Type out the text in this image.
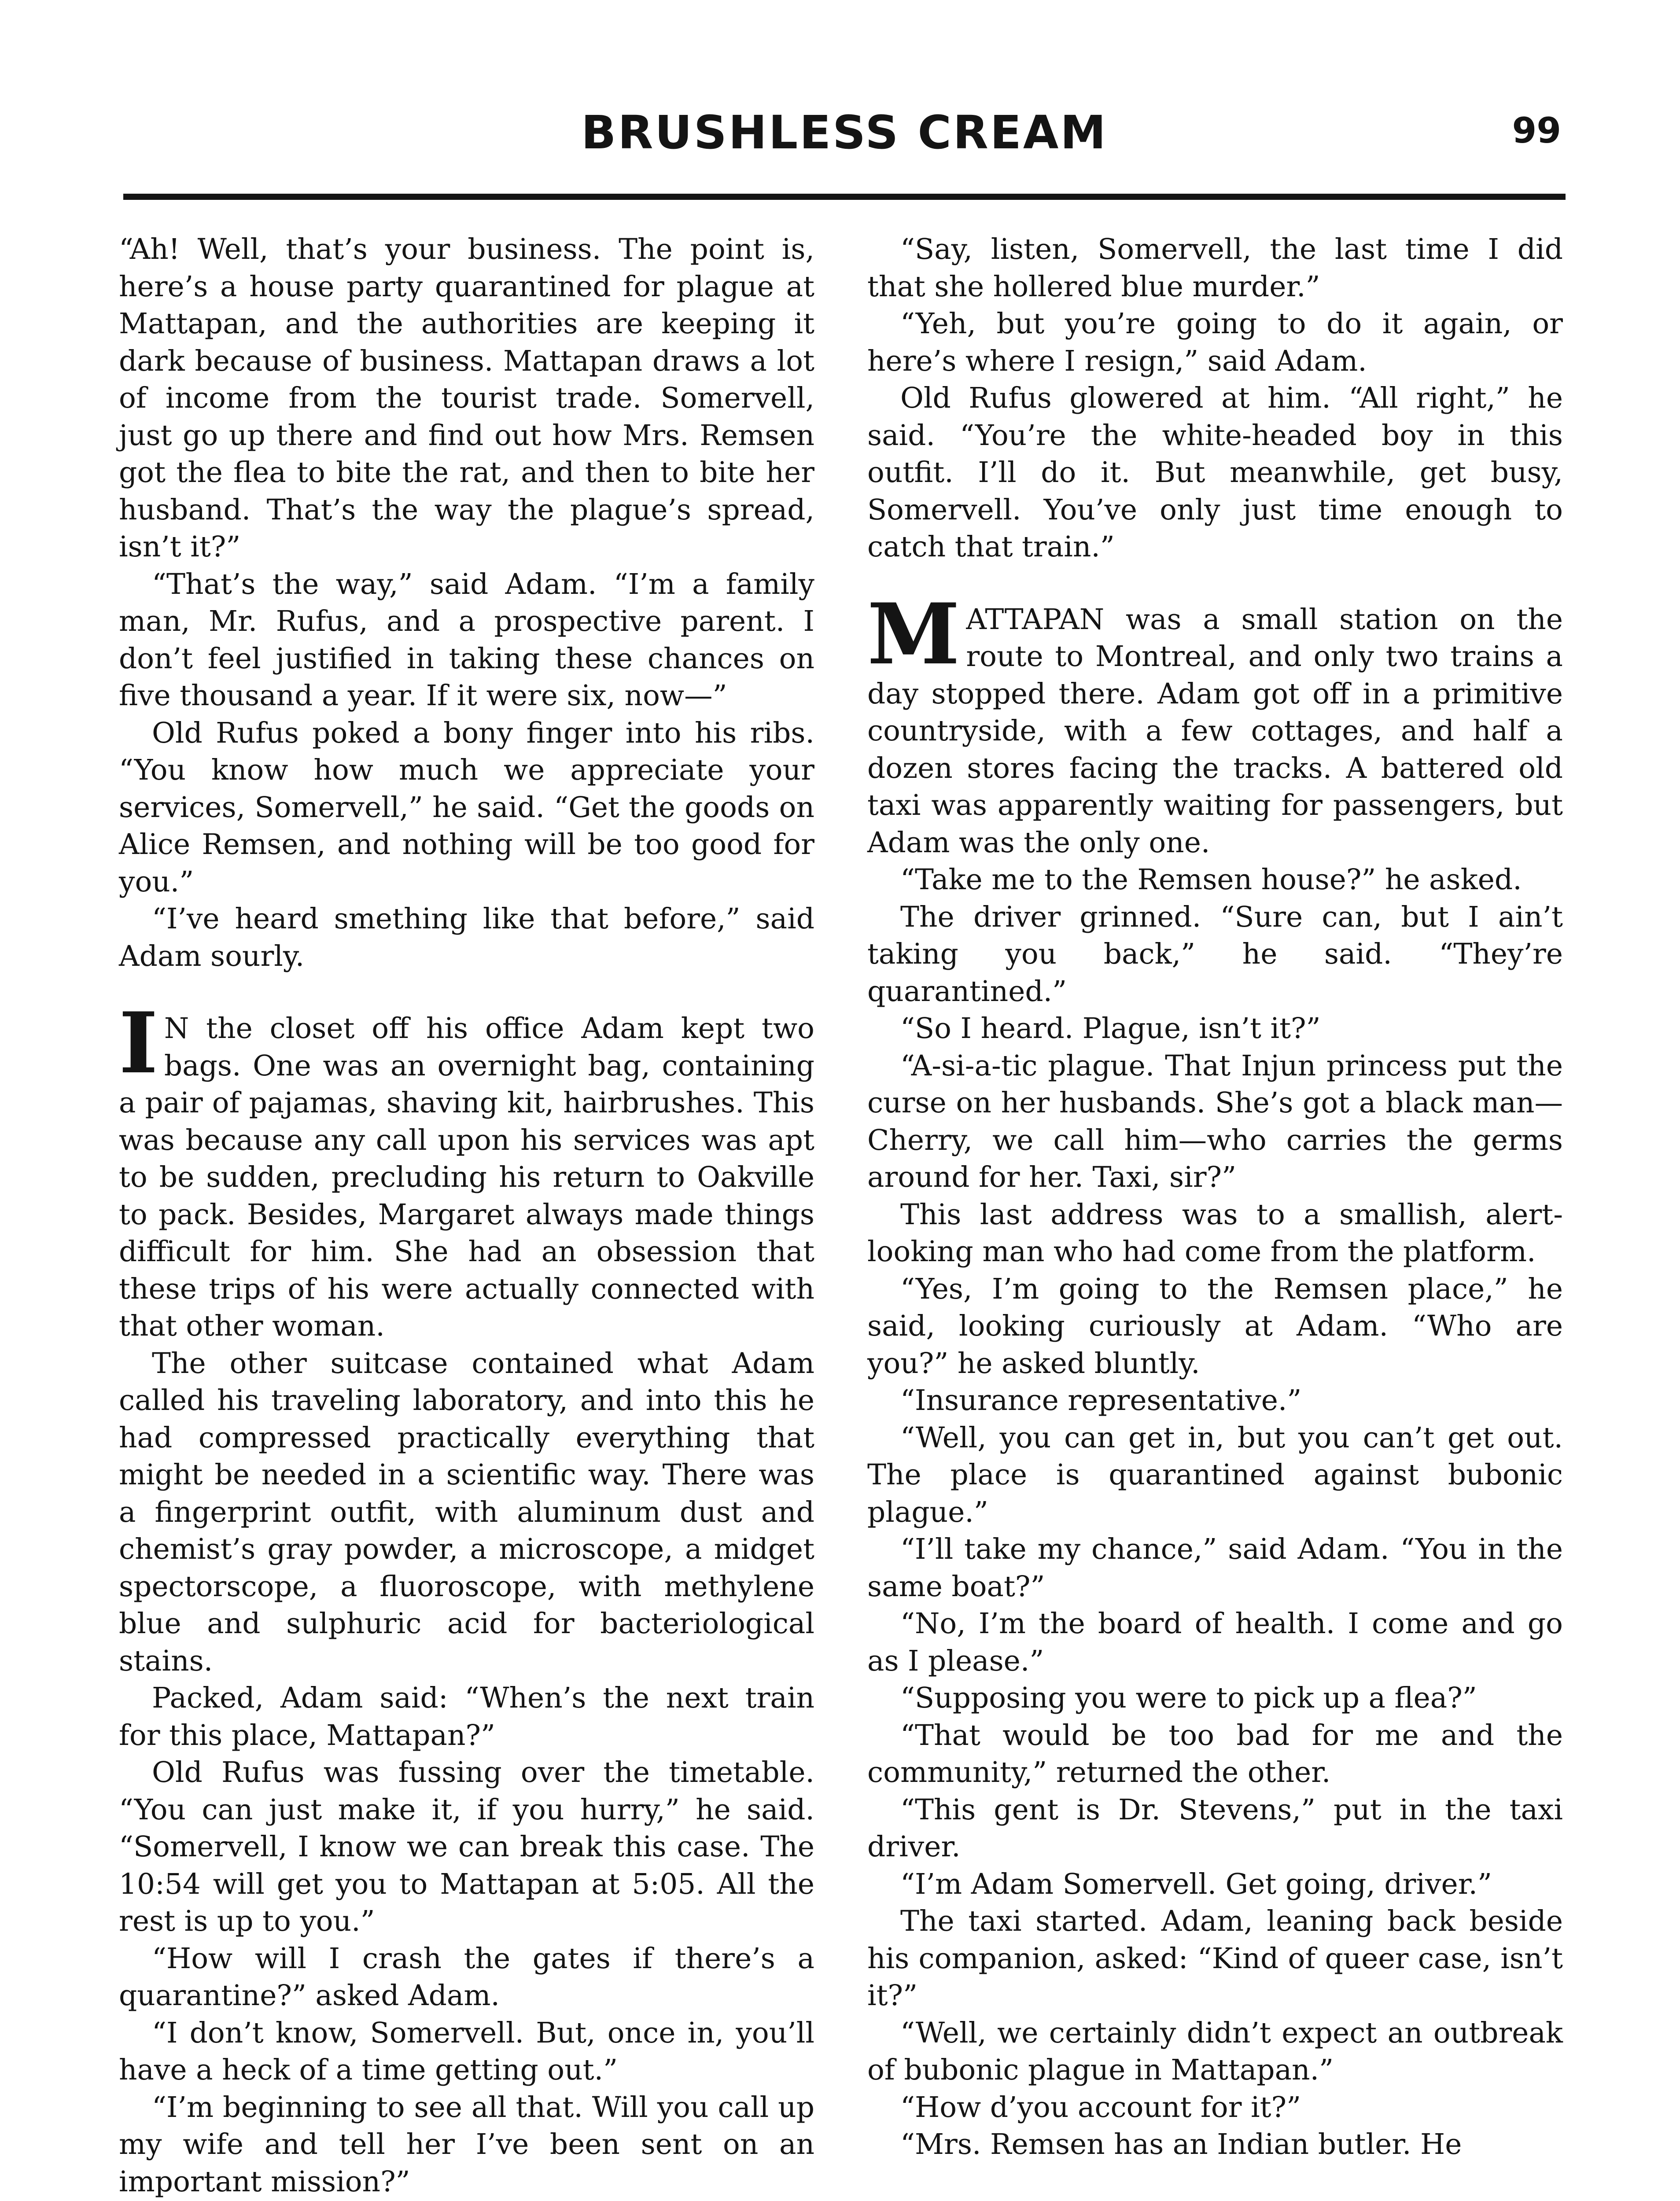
BRUSHLESS CREAM	99

“Ah! Well, that’s your business. The point is, here’s a house party quarantined for plague at Mattapan, and the authorities are keeping it dark because of business. Mattapan draws a lot of income from the tourist trade. Somervell, just go up there and find out how Mrs. Remsen got the flea to bite the rat, and then to bite her husband. That’s the way the plague’s spread, isn’t it?”

“That’s the way,” said Adam. “I’m a family man, Mr. Rufus, and a prospective parent. I don’t feel justified in taking these chances on five thousand a year. If it were six, now—”

Old Rufus poked a bony finger into his ribs. “You know how much we appreciate your services, Somervell,” he said. “Get the goods on Alice Remsen, and nothing will be too good for you.”

“I’ve heard smething like that before,” said Adam sourly.

I N the closet off his office Adam kept two bags. One was an overnight bag, containing a pair of pajamas, shaving kit, hairbrushes. This was because any call upon his services was apt to be sudden, precluding his return to Oakville to pack. Besides, Margaret always made things difficult for him. She had an obsession that these trips of his were actually connected with that other woman.

The other suitcase contained what Adam called his traveling laboratory, and into this he had compressed practically everything that might be needed in a scientific way. There was a fingerprint outfit, with aluminum dust and chemist’s gray powder, a microscope, a midget spectorscope, a fluoroscope, with methylene blue and sulphuric acid for bacteriological stains.

Packed, Adam said: “When’s the next train for this place, Mattapan?”

Old Rufus was fussing over the timetable. “You can just make it, if you hurry,” he said. “Somervell, I know we can break this case. The 10:54 will get you to Mattapan at 5:05. All the rest is up to you.”

“How will I crash the gates if there’s a quarantine?” asked Adam.

“I don’t know, Somervell. But, once in, you’ll have a heck of a time getting out.”

“I’m beginning to see all that. Will you call up my wife and tell her I’ve been sent on an important mission?”

“Say, listen, Somervell, the last time I did that she hollered blue murder.”

“Yeh, but you’re going to do it again, or here’s where I resign,” said Adam.

Old Rufus glowered at him. “All right,” he said. “You’re the white-headed boy in this outfit. I’ll do it. But meanwhile, get busy, Somervell. You’ve only just time enough to catch that train.”

MATTAPAN was a small station on the route to Montreal, and only two trains a day stopped there. Adam got off in a primitive countryside, with a few cottages, and half a dozen stores facing the tracks. A battered old taxi was apparently waiting for passengers, but Adam was the only one.

“Take me to the Remsen house?” he asked.

The driver grinned. “Sure can, but I ain’t taking you back,” he said. “They’re quarantined.”

“So I heard. Plague, isn’t it?”

“A-si-a-tic plague. That Injun princess put the curse on her husbands. She’s got a black man—Cherry, we call him—who carries the germs around for her. Taxi, sir?”

This last address was to a smallish, alert-looking man who had come from the platform.

“Yes, I’m going to the Remsen place,” he said, looking curiously at Adam. “Who are you?” he asked bluntly.

“Insurance representative.”

“Well, you can get in, but you can’t get out. The place is quarantined against bubonic plague.”

“I’ll take my chance,” said Adam. “You in the same boat?”

“No, I’m the board of health. I come and go as I please.”

“Supposing you were to pick up a flea?”

“That would be too bad for me and the community,” returned the other.

“This gent is Dr. Stevens,” put in the taxi driver.

“I’m Adam Somervell. Get going, driver.”

The taxi started. Adam, leaning back beside his companion, asked: “Kind of queer case, isn’t it?”

“Well, we certainly didn’t expect an outbreak of bubonic plague in Mattapan.”

“How d’you account for it?”

“Mrs. Remsen has an Indian butler. He
